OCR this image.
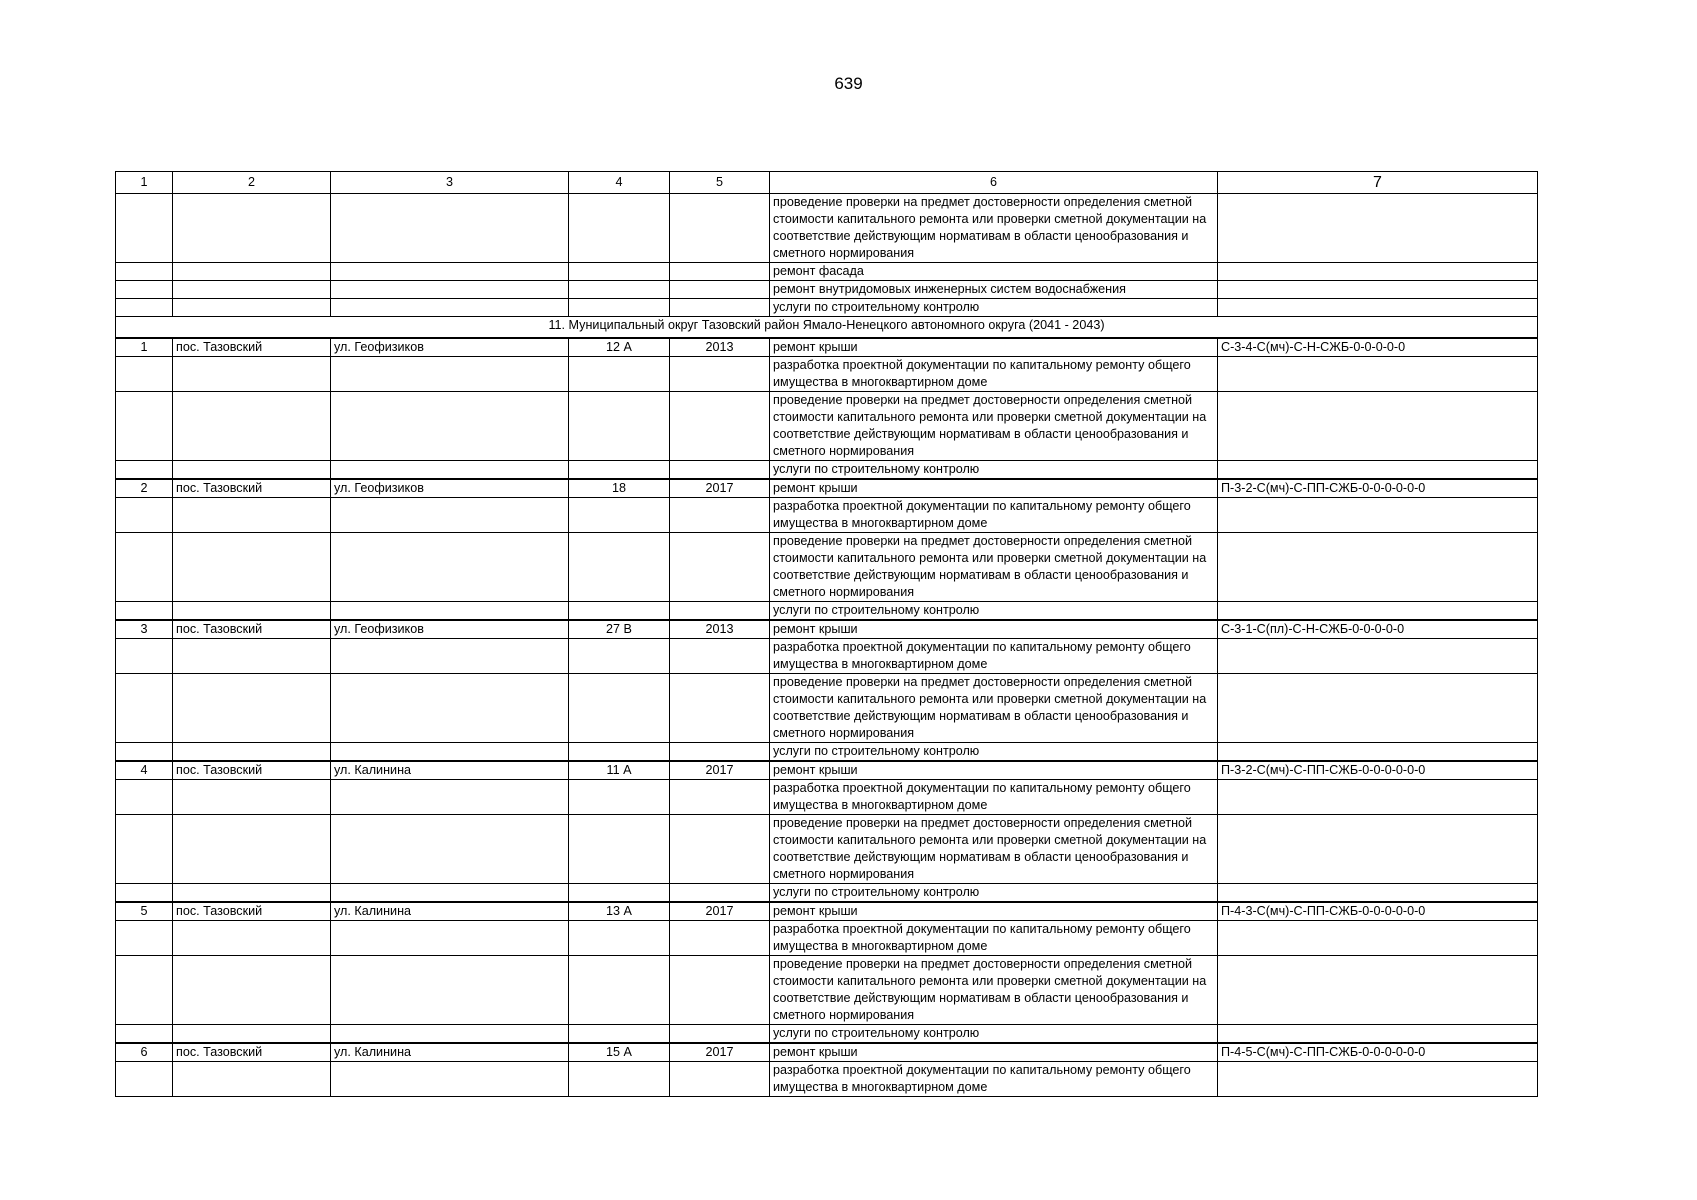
639
1	2	3	4	5	6	7
					проведение проверки на предмет достоверности определения сметной стоимости капитального ремонта или проверки сметной документации на соответствие действующим нормативам в области ценообразования и сметного нормирования	
					ремонт фасада	
					ремонт внутридомовых инженерных систем водоснабжения	
					услуги по строительному контролю	
11. Муниципальный округ Тазовский район Ямало-Ненецкого автономного округа (2041 - 2043)						
1	пос. Тазовский	ул. Геофизиков	12 А	2013	ремонт крыши	С-3-4-С(мч)-С-Н-СЖБ-0-0-0-0-0
					разработка проектной документации по капитальному ремонту общего имущества в многоквартирном доме	
					проведение проверки на предмет достоверности определения сметной стоимости капитального ремонта или проверки сметной документации на соответствие действующим нормативам в области ценообразования и сметного нормирования	
					услуги по строительному контролю	
2	пос. Тазовский	ул. Геофизиков	18	2017	ремонт крыши	П-3-2-С(мч)-С-ПП-СЖБ-0-0-0-0-0-0
					разработка проектной документации по капитальному ремонту общего имущества в многоквартирном доме	
					проведение проверки на предмет достоверности определения сметной стоимости капитального ремонта или проверки сметной документации на соответствие действующим нормативам в области ценообразования и сметного нормирования	
					услуги по строительному контролю	
3	пос. Тазовский	ул. Геофизиков	27 В	2013	ремонт крыши	С-3-1-С(пл)-С-Н-СЖБ-0-0-0-0-0
					разработка проектной документации по капитальному ремонту общего имущества в многоквартирном доме	
					проведение проверки на предмет достоверности определения сметной стоимости капитального ремонта или проверки сметной документации на соответствие действующим нормативам в области ценообразования и сметного нормирования	
					услуги по строительному контролю	
4	пос. Тазовский	ул. Калинина	11 А	2017	ремонт крыши	П-3-2-С(мч)-С-ПП-СЖБ-0-0-0-0-0-0
					разработка проектной документации по капитальному ремонту общего имущества в многоквартирном доме	
					проведение проверки на предмет достоверности определения сметной стоимости капитального ремонта или проверки сметной документации на соответствие действующим нормативам в области ценообразования и сметного нормирования	
					услуги по строительному контролю	
5	пос. Тазовский	ул. Калинина	13 А	2017	ремонт крыши	П-4-3-С(мч)-С-ПП-СЖБ-0-0-0-0-0-0
					разработка проектной документации по капитальному ремонту общего имущества в многоквартирном доме	
					проведение проверки на предмет достоверности определения сметной стоимости капитального ремонта или проверки сметной документации на соответствие действующим нормативам в области ценообразования и сметного нормирования	
					услуги по строительному контролю	
6	пос. Тазовский	ул. Калинина	15 А	2017	ремонт крыши	П-4-5-С(мч)-С-ПП-СЖБ-0-0-0-0-0-0
					разработка проектной документации по капитальному ремонту общего имущества в многоквартирном доме	
